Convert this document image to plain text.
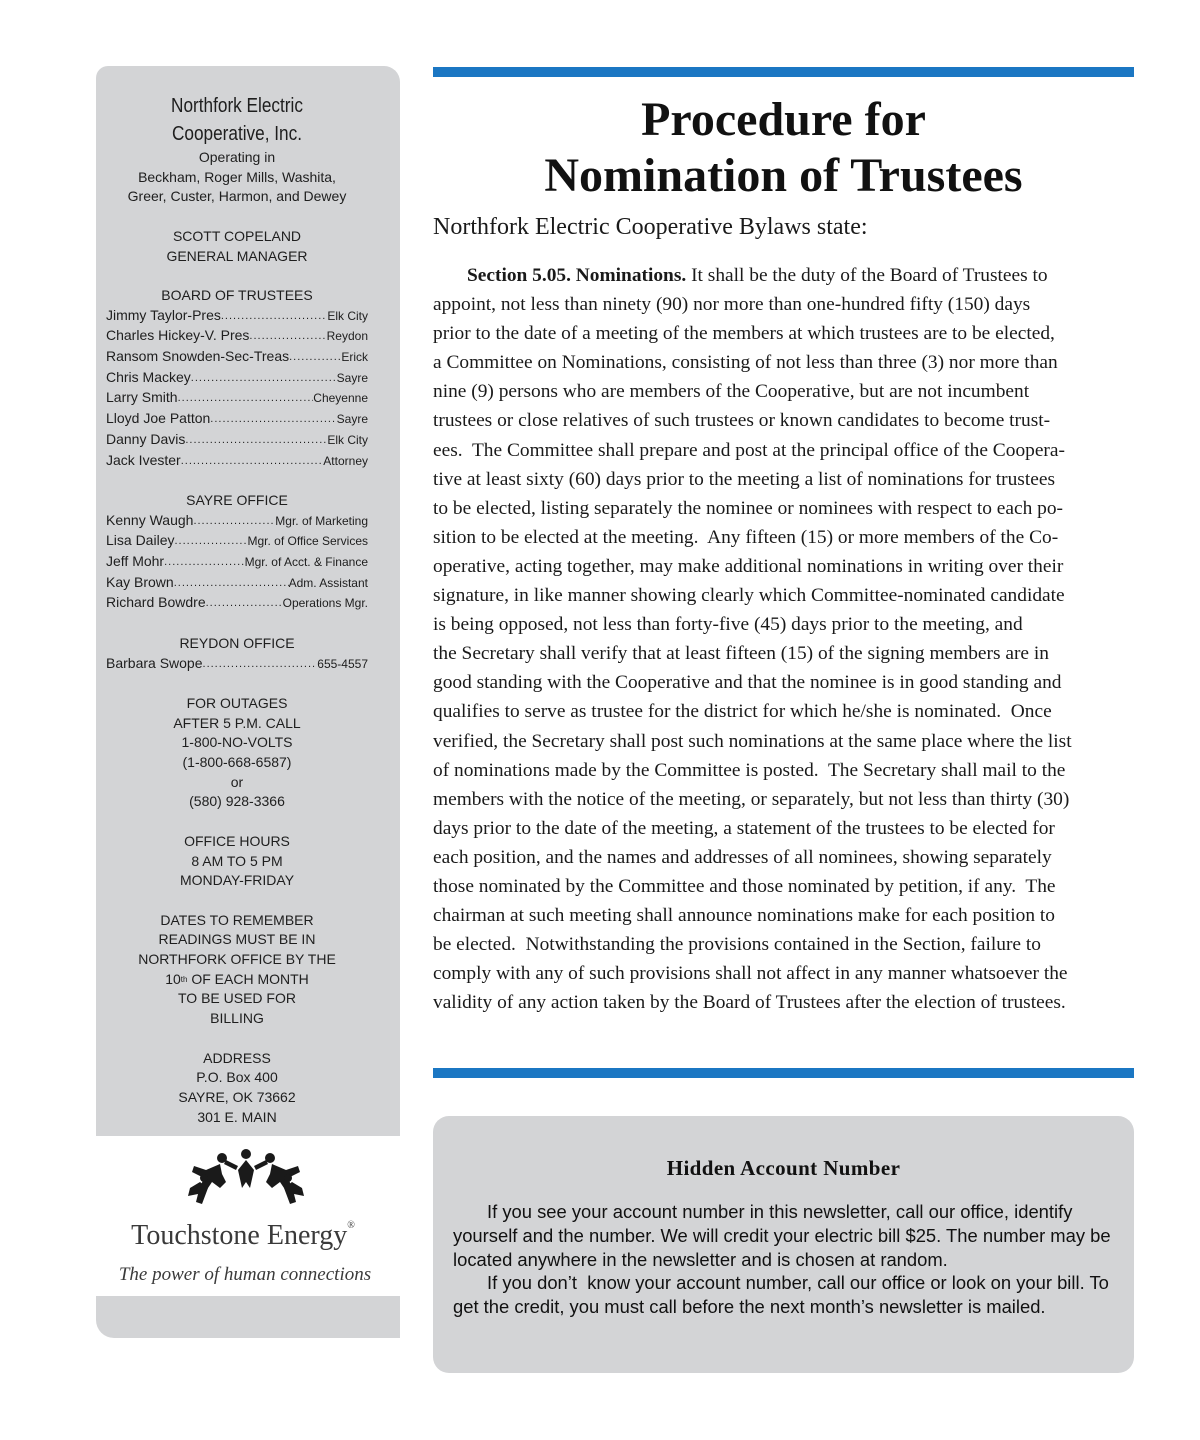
Northfork Electric
Cooperative, Inc.
Operating in
Beckham, Roger Mills, Washita,
Greer, Custer, Harmon, and Dewey
SCOTT COPELAND
GENERAL MANAGER
BOARD OF TRUSTEES
Jimmy Taylor-Pres .....	Elk City
Charles Hickey-V. Pres .....	Reydon
Ransom Snowden-Sec-Treas .....	Erick
Chris Mackey .....	Sayre
Larry Smith .....	Cheyenne
Lloyd Joe Patton .....	Sayre
Danny Davis .....	Elk City
Jack Ivester .....	Attorney
SAYRE OFFICE
Kenny Waugh .....	Mgr. of Marketing
Lisa Dailey .....	Mgr. of Office Services
Jeff Mohr .....	Mgr. of Acct. & Finance
Kay Brown .....	Adm. Assistant
Richard Bowdre .....	Operations Mgr.
REYDON OFFICE
Barbara Swope .....	655-4557
FOR OUTAGES
AFTER 5 P.M. CALL
1-800-NO-VOLTS
(1-800-668-6587)
or
(580) 928-3366
OFFICE HOURS
8 AM TO 5 PM
MONDAY-FRIDAY
DATES TO REMEMBER
READINGS MUST BE IN
NORTHFORK OFFICE BY THE
10th OF EACH MONTH
TO BE USED FOR
BILLING
ADDRESS
P.O. Box 400
SAYRE, OK 73662
301 E. MAIN
Touchstone Energy®
The power of human connections
Procedure for
Nomination of Trustees
Northfork Electric Cooperative Bylaws state:
Section 5.05. Nominations. It shall be the duty of the Board of Trustees to
appoint, not less than ninety (90) nor more than one-hundred fifty (150) days
prior to the date of a meeting of the members at which trustees are to be elected,
a Committee on Nominations, consisting of not less than three (3) nor more than
nine (9) persons who are members of the Cooperative, but are not incumbent
trustees or close relatives of such trustees or known candidates to become trust-
ees.  The Committee shall prepare and post at the principal office of the Coopera-
tive at least sixty (60) days prior to the meeting a list of nominations for trustees
to be elected, listing separately the nominee or nominees with respect to each po-
sition to be elected at the meeting.  Any fifteen (15) or more members of the Co-
operative, acting together, may make additional nominations in writing over their
signature, in like manner showing clearly which Committee-nominated candidate
is being opposed, not less than forty-five (45) days prior to the meeting, and
the Secretary shall verify that at least fifteen (15) of the signing members are in
good standing with the Cooperative and that the nominee is in good standing and
qualifies to serve as trustee for the district for which he/she is nominated.  Once
verified, the Secretary shall post such nominations at the same place where the list
of nominations made by the Committee is posted.  The Secretary shall mail to the
members with the notice of the meeting, or separately, but not less than thirty (30)
days prior to the date of the meeting, a statement of the trustees to be elected for
each position, and the names and addresses of all nominees, showing separately
those nominated by the Committee and those nominated by petition, if any.  The
chairman at such meeting shall announce nominations make for each position to
be elected.  Notwithstanding the provisions contained in the Section, failure to
comply with any of such provisions shall not affect in any manner whatsoever the
validity of any action taken by the Board of Trustees after the election of trustees.
Hidden Account Number

If you see your account number in this newsletter, call our office, identify yourself and the number. We will credit your electric bill $25. The number may be located anywhere in the newsletter and is chosen at random.

If you don’t  know your account number, call our office or look on your bill. To get the credit, you must call before the next month’s newsletter is mailed.
